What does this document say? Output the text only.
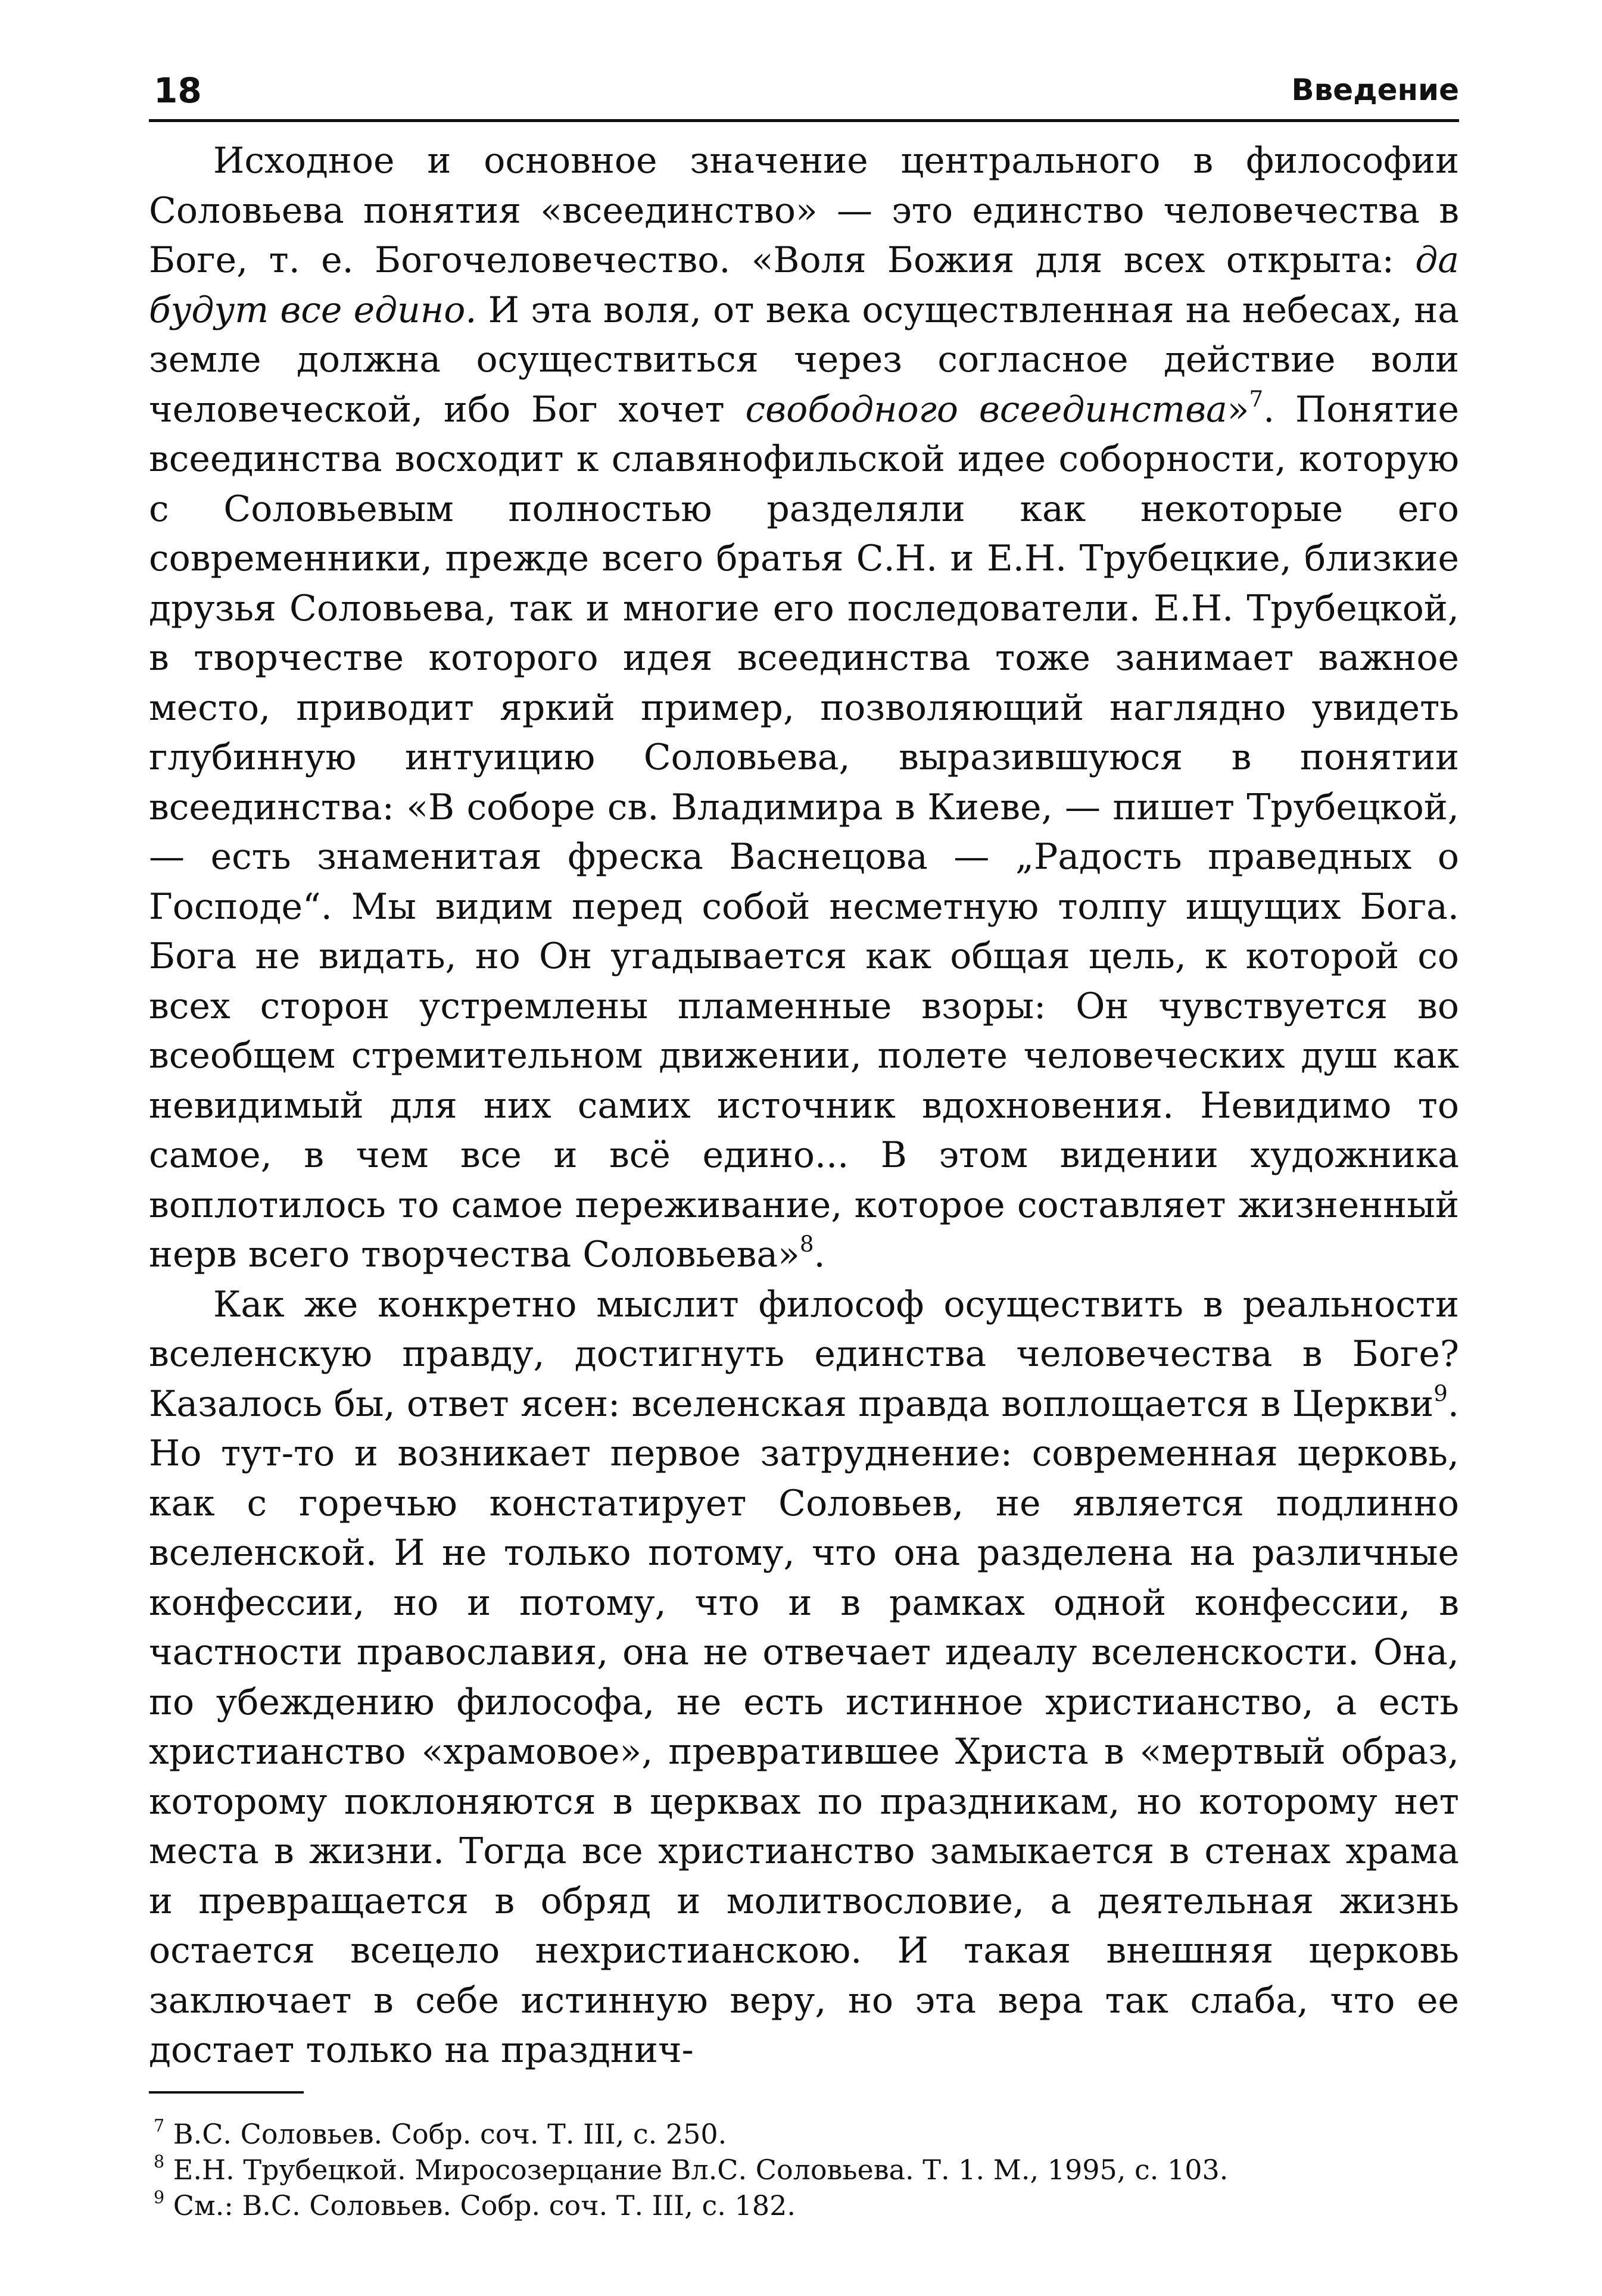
18	Введение

Исходное и основное значение центрального в философии Соловьева понятия «всеединство» — это единство человечества в Боге, т. е. Богочеловечество. «Воля Божия для всех открыта: да будут все едино. И эта воля, от века осуществленная на небесах, на земле должна осуществиться через согласное действие воли человеческой, ибо Бог хочет свободного всеединства»$^7$. Понятие всеединства восходит к славянофильской идее соборности, которую с Соловьевым полностью разделяли как некоторые его современники, прежде всего братья С.Н. и Е.Н. Трубецкие, близкие друзья Соловьева, так и многие его последователи. Е.Н. Трубецкой, в творчестве которого идея всеединства тоже занимает важное место, приводит яркий пример, позволяющий наглядно увидеть глубинную интуицию Соловьева, выразившуюся в понятии всеединства: «В соборе св. Владимира в Киеве, — пишет Трубецкой, — есть знаменитая фреска Васнецова — „Радость праведных о Господе“. Мы видим перед собой несметную толпу ищущих Бога. Бога не видать, но Он угадывается как общая цель, к которой со всех сторон устремлены пламенные взоры: Он чувствуется во всеобщем стремительном движении, полете человеческих душ как невидимый для них самих источник вдохновения. Невидимо то самое, в чем все и всё едино... В этом видении художника воплотилось то самое переживание, которое составляет жизненный нерв всего творчества Соловьева»$^8$.

Как же конкретно мыслит философ осуществить в реальности вселенскую правду, достигнуть единства человечества в Боге? Казалось бы, ответ ясен: вселенская правда воплощается в Церкви$^9$. Но тут-то и возникает первое затруднение: современная церковь, как с горечью констатирует Соловьев, не является подлинно вселенской. И не только потому, что она разделена на различные конфессии, но и потому, что и в рамках одной конфессии, в частности православия, она не отвечает идеалу вселенскости. Она, по убеждению философа, не есть истинное христианство, а есть христианство «храмовое», превратившее Христа в «мертвый образ, которому поклоняются в церквах по праздникам, но которому нет места в жизни. Тогда все христианство замыкается в стенах храма и превращается в обряд и молитвословие, а деятельная жизнь остается всецело нехристианскою. И такая внешняя церковь заключает в себе истинную веру, но эта вера так слаба, что ее достает только на празднич-

$^7$ В.С. Соловьев. Собр. соч. Т. III, с. 250.

$^8$ Е.Н. Трубецкой. Миросозерцание Вл.С. Соловьева. Т. 1. М., 1995, с. 103.

$^9$ См.: В.С. Соловьев. Собр. соч. Т. III, с. 182.
